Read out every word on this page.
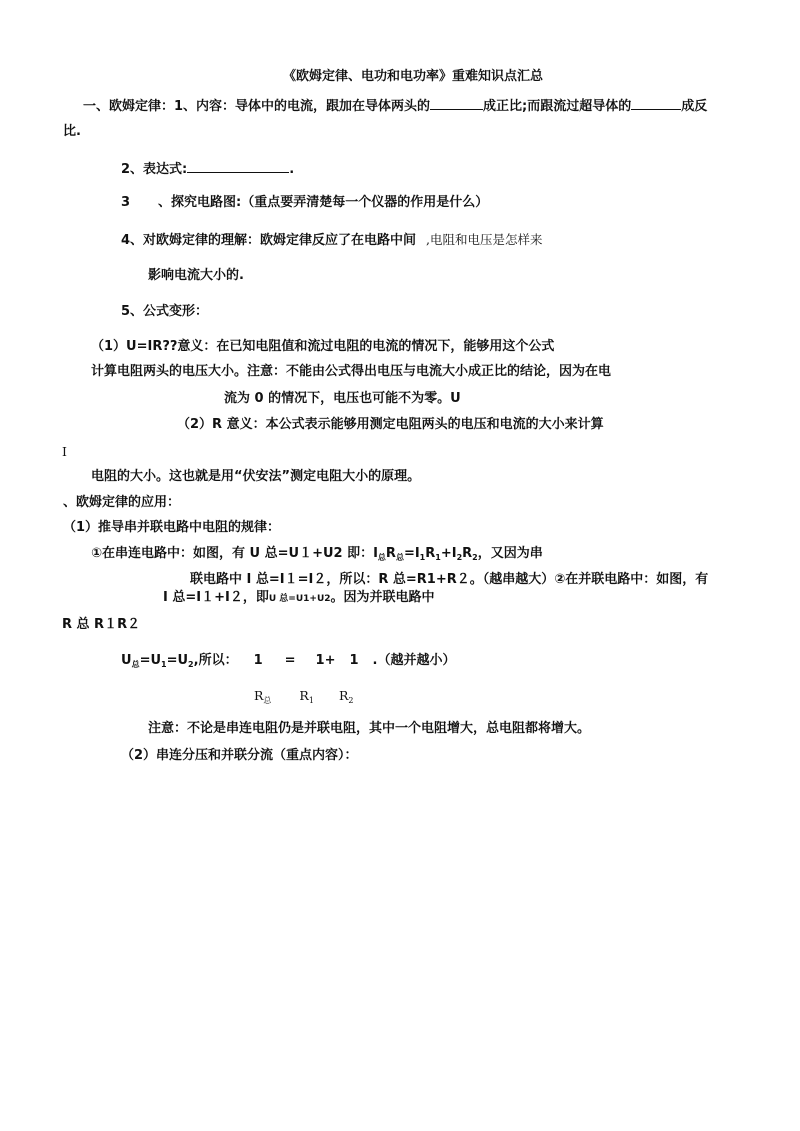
《欧姆定律、电功和电功率》重难知识点汇总
一、欧姆定律：1、内容：导体中的电流，跟加在导体两头的	成正比;而跟流过超导体的	成反
比.
2、表达式:	.
3 、探究电路图:（重点要弄清楚每一个仪器的作用是什么）
4、对欧姆定律的理解：欧姆定律反应了在电路中间 ,电阻和电压是怎样来
影响电流大小的.
5、公式变形：
（1）U=IR??意义：在已知电阻值和流过电阻的电流的情况下，能够用这个公式
计算电阻两头的电压大小。注意：不能由公式得出电压与电流大小成正比的结论，因为在电
流为 0 的情况下，电压也可能不为零。U
（2）R 意义：本公式表示能够用测定电阻两头的电压和电流的大小来计算
I
电阻的大小。这也就是用“伏安法”测定电阻大小的原理。
、欧姆定律的应用：
（1）推导串并联电路中电阻的规律：
①在串连电路中：如图，有 U 总=U１+U2 即：$I_总R_总=I_1R_1+I_2R_2$，又因为串
联电路中 I 总=I１=I２，所以：R 总=R1+R２。（越串越大）②在并联电路中：如图，有
I 总=I１+I２，即U 总=U1+U2。因为并联电路中
R 总 R１R２
$U_总=U_1=U_2$,所以： 1 = 1+ 1 .（越并越小）
$R_总$ $R_1$ $R_2$
注意：不论是串连电阻仍是并联电阻，其中一个电阻增大，总电阻都将增大。
（2）串连分压和并联分流（重点内容）：
